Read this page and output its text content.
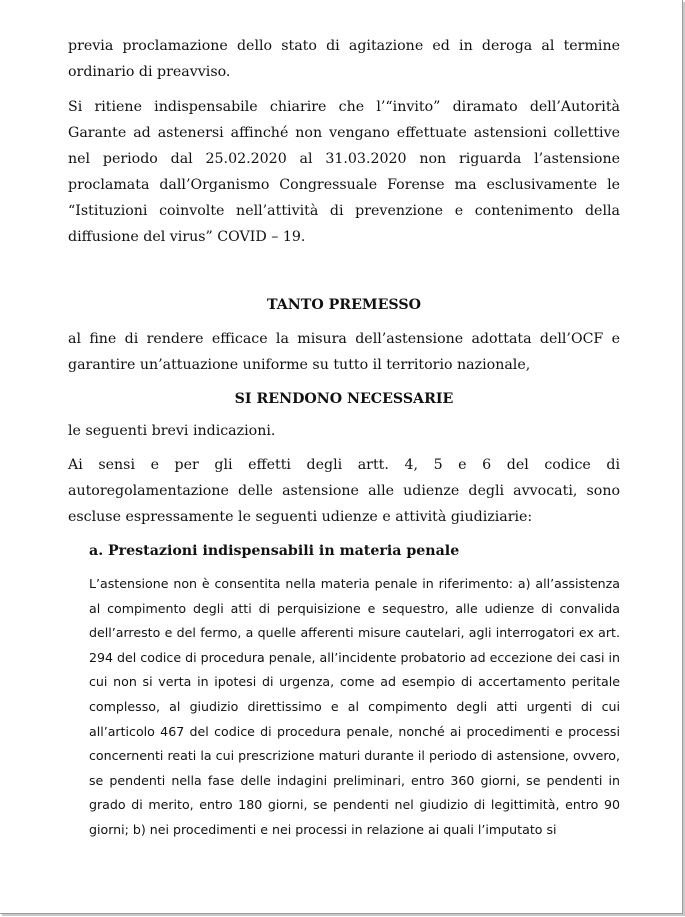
previa proclamazione dello stato di agitazione ed in deroga al termine ordinario di preavviso.

Si ritiene indispensabile chiarire che l’“invito” diramato dell’Autorità Garante ad astenersi affinché non vengano effettuate astensioni collettive nel periodo dal 25.02.2020 al 31.03.2020 non riguarda l’astensione proclamata dall’Organismo Congressuale Forense ma esclusivamente le “Istituzioni coinvolte nell’attività di prevenzione e contenimento della diffusione del virus” COVID – 19.

TANTO PREMESSO

al fine di rendere efficace la misura dell’astensione adottata dell’OCF e garantire un’attuazione uniforme su tutto il territorio nazionale,

SI RENDONO NECESSARIE

le seguenti brevi indicazioni.

Ai sensi e per gli effetti degli artt. 4, 5 e 6 del codice di autoregolamentazione delle astensione alle udienze degli avvocati, sono escluse espressamente le seguenti udienze e attività giudiziarie:

a. Prestazioni indispensabili in materia penale

L’astensione non è consentita nella materia penale in riferimento: a) all’assistenza al compimento degli atti di perquisizione e sequestro, alle udienze di convalida dell’arresto e del fermo, a quelle afferenti misure cautelari, agli interrogatori ex art. 294 del codice di procedura penale, all’incidente probatorio ad eccezione dei casi in cui non si verta in ipotesi di urgenza, come ad esempio di accertamento peritale complesso, al giudizio direttissimo e al compimento degli atti urgenti di cui all’articolo 467 del codice di procedura penale, nonché ai procedimenti e processi concernenti reati la cui prescrizione maturi durante il periodo di astensione, ovvero, se pendenti nella fase delle indagini preliminari, entro 360 giorni, se pendenti in grado di merito, entro 180 giorni, se pendenti nel giudizio di legittimità, entro 90 giorni; b) nei procedimenti e nei processi in relazione ai quali l’imputato si
